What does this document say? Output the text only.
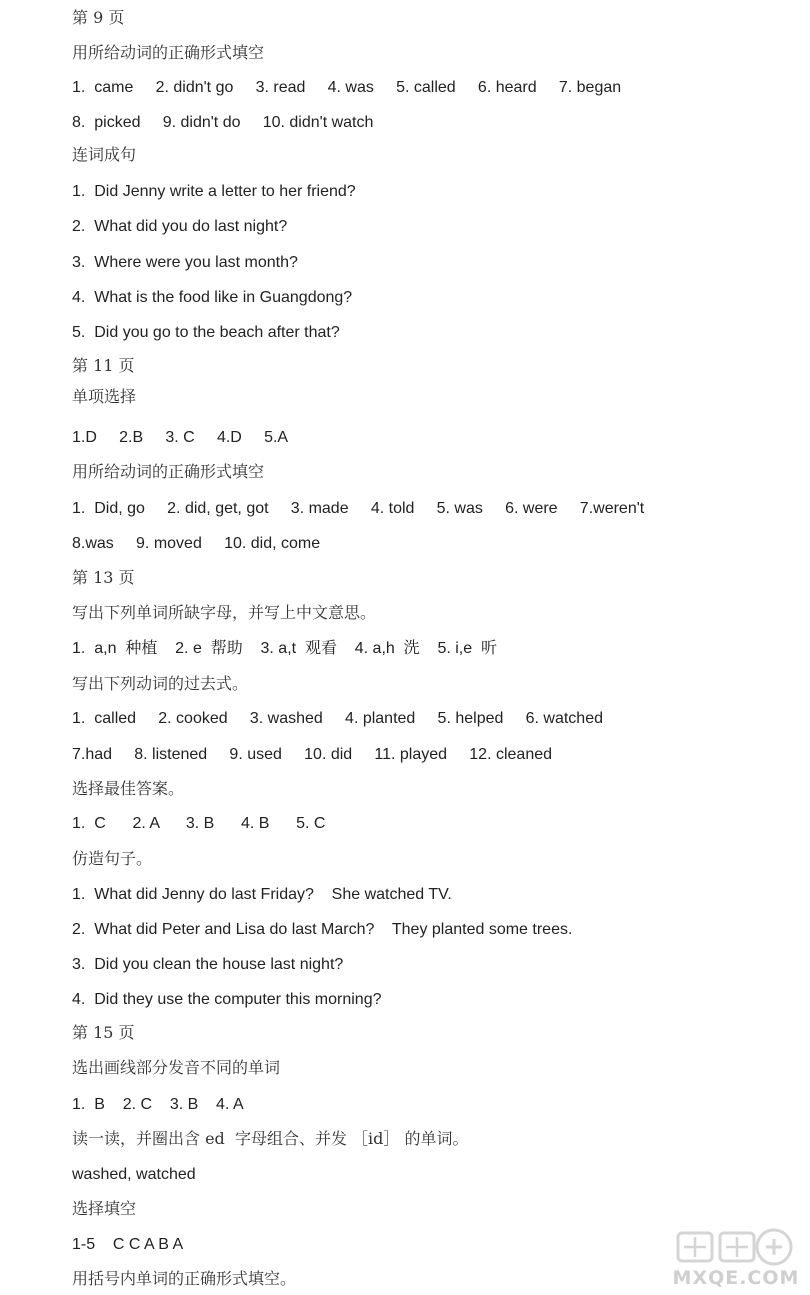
第 9 页
用所给动词的正确形式填空
1.  came     2. didn't go     3. read     4. was     5. called     6. heard     7. began
8.  picked     9. didn't do     10. didn't watch
连词成句
1.  Did Jenny write a letter to her friend?
2.  What did you do last night?
3.  Where were you last month?
4.  What is the food like in Guangdong?
5.  Did you go to the beach after that?
第 11 页
单项选择
1.D     2.B     3. C     4.D     5.A
用所给动词的正确形式填空
1.  Did, go     2. did, get, got     3. made     4. told     5. was     6. were     7.weren't
8.was     9. moved     10. did, come
第 13 页
写出下列单词所缺字母，并写上中文意思。
1.  a,n  种植    2. e  帮助    3. a,t  观看    4. a,h  洗    5. i,e  听
写出下列动词的过去式。
1.  called     2. cooked     3. washed     4. planted     5. helped     6. watched
7.had     8. listened     9. used     10. did     11. played     12. cleaned
选择最佳答案。
1.  C      2. A      3. B      4. B      5. C
仿造句子。
1.  What did Jenny do last Friday?    She watched TV.
2.  What did Peter and Lisa do last March?    They planted some trees.
3.  Did you clean the house last night?
4.  Did they use the computer this morning?
第 15 页
选出画线部分发音不同的单词
1.  B    2. C    3. B    4. A
读一读，并圈出含 ed  字母组合、并发 ［id］ 的单词。
washed, watched
选择填空
1-5    C C A B A
用括号内单词的正确形式填空。	MXQE.COM
